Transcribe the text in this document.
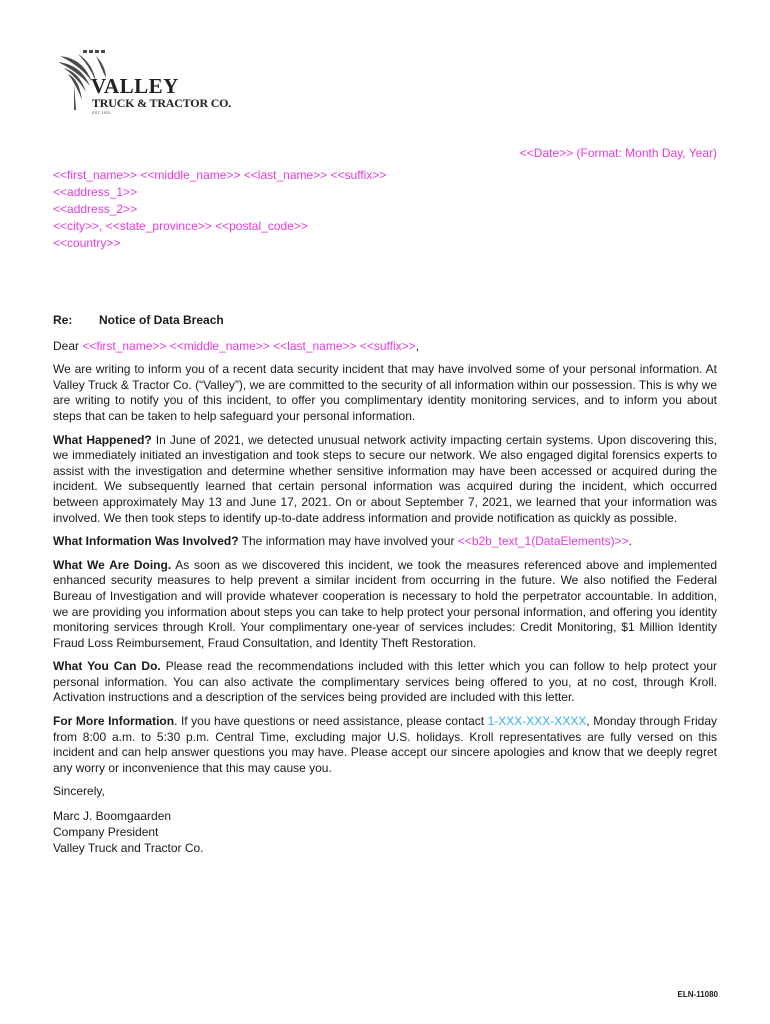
VALLEY
TRUCK & TRACTOR CO.
EST. 1920
<<Date>> (Format: Month Day, Year)
<<first_name>> <<middle_name>> <<last_name>> <<suffix>>
<<address_1>>
<<address_2>>
<<city>>, <<state_province>> <<postal_code>>
<<country>>
Re: Notice of Data Breach
Dear <<first_name>> <<middle_name>> <<last_name>> <<suffix>>,

We are writing to inform you of a recent data security incident that may have involved some of your personal information. At Valley Truck & Tractor Co. (“Valley”), we are committed to the security of all information within our possession. This is why we are writing to notify you of this incident, to offer you complimentary identity monitoring services, and to inform you about steps that can be taken to help safeguard your personal information.

What Happened? In June of 2021, we detected unusual network activity impacting certain systems. Upon discovering this, we immediately initiated an investigation and took steps to secure our network. We also engaged digital forensics experts to assist with the investigation and determine whether sensitive information may have been accessed or acquired during the incident. We subsequently learned that certain personal information was acquired during the incident, which occurred between approximately May 13 and June 17, 2021. On or about September 7, 2021, we learned that your information was involved. We then took steps to identify up-to-date address information and provide notification as quickly as possible.

What Information Was Involved? The information may have involved your <<b2b_text_1(DataElements)>>.

What We Are Doing. As soon as we discovered this incident, we took the measures referenced above and implemented enhanced security measures to help prevent a similar incident from occurring in the future. We also notified the Federal Bureau of Investigation and will provide whatever cooperation is necessary to hold the perpetrator accountable. In addition, we are providing you information about steps you can take to help protect your personal information, and offering you identity monitoring services through Kroll. Your complimentary one-year of services includes: Credit Monitoring, $1 Million Identity Fraud Loss Reimbursement, Fraud Consultation, and Identity Theft Restoration.

What You Can Do. Please read the recommendations included with this letter which you can follow to help protect your personal information. You can also activate the complimentary services being offered to you, at no cost, through Kroll. Activation instructions and a description of the services being provided are included with this letter.

For More Information. If you have questions or need assistance, please contact 1-XXX-XXX-XXXX, Monday through Friday from 8:00 a.m. to 5:30 p.m. Central Time, excluding major U.S. holidays. Kroll representatives are fully versed on this incident and can help answer questions you may have. Please accept our sincere apologies and know that we deeply regret any worry or inconvenience that this may cause you.

Sincerely,
Marc J. Boomgaarden
Company President
Valley Truck and Tractor Co.
ELN-11080
